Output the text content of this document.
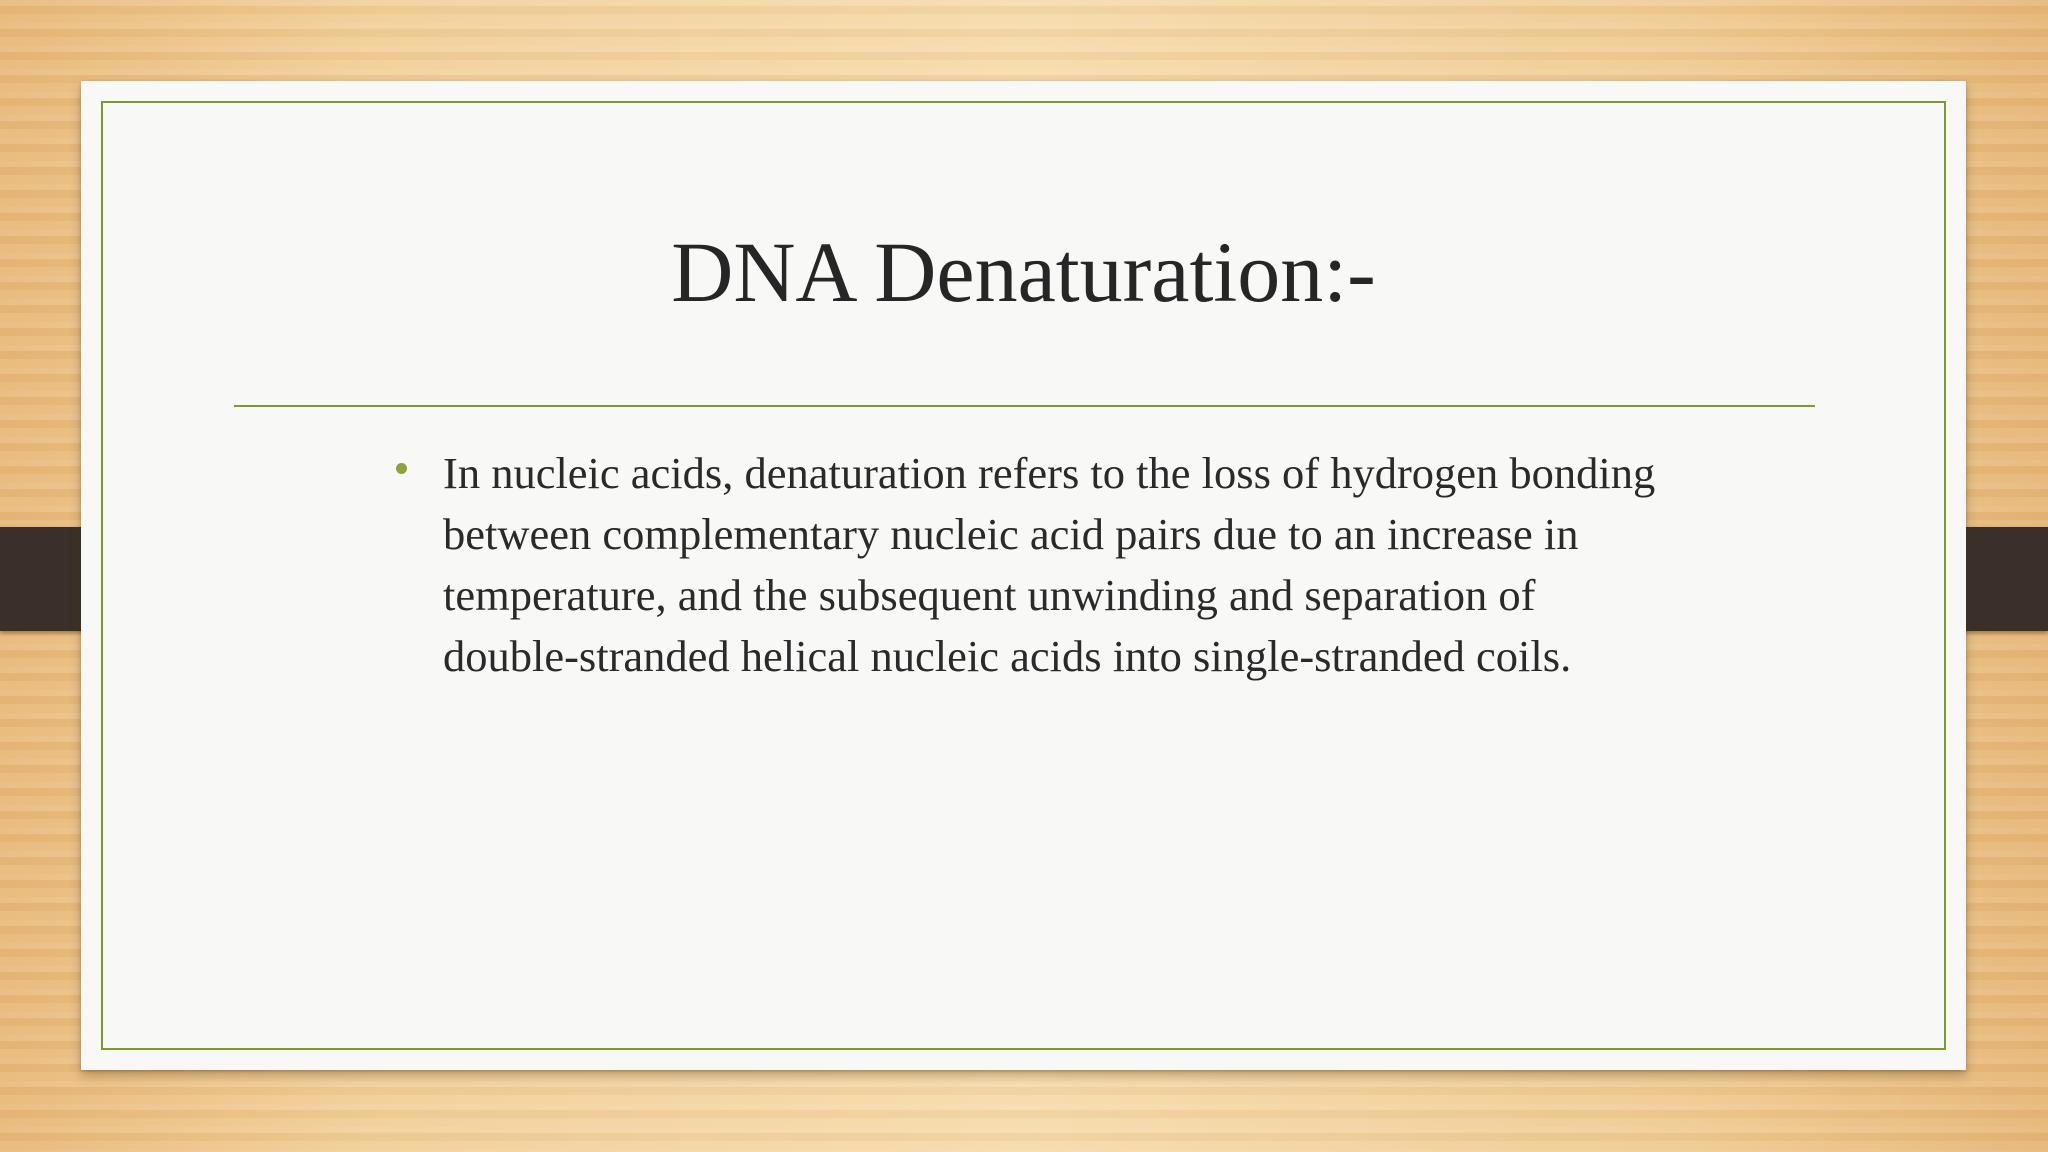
DNA Denaturation:-
In nucleic acids, denaturation refers to the loss of hydrogen bonding
between complementary nucleic acid pairs due to an increase in
temperature, and the subsequent unwinding and separation of
double-stranded helical nucleic acids into single-stranded coils.
